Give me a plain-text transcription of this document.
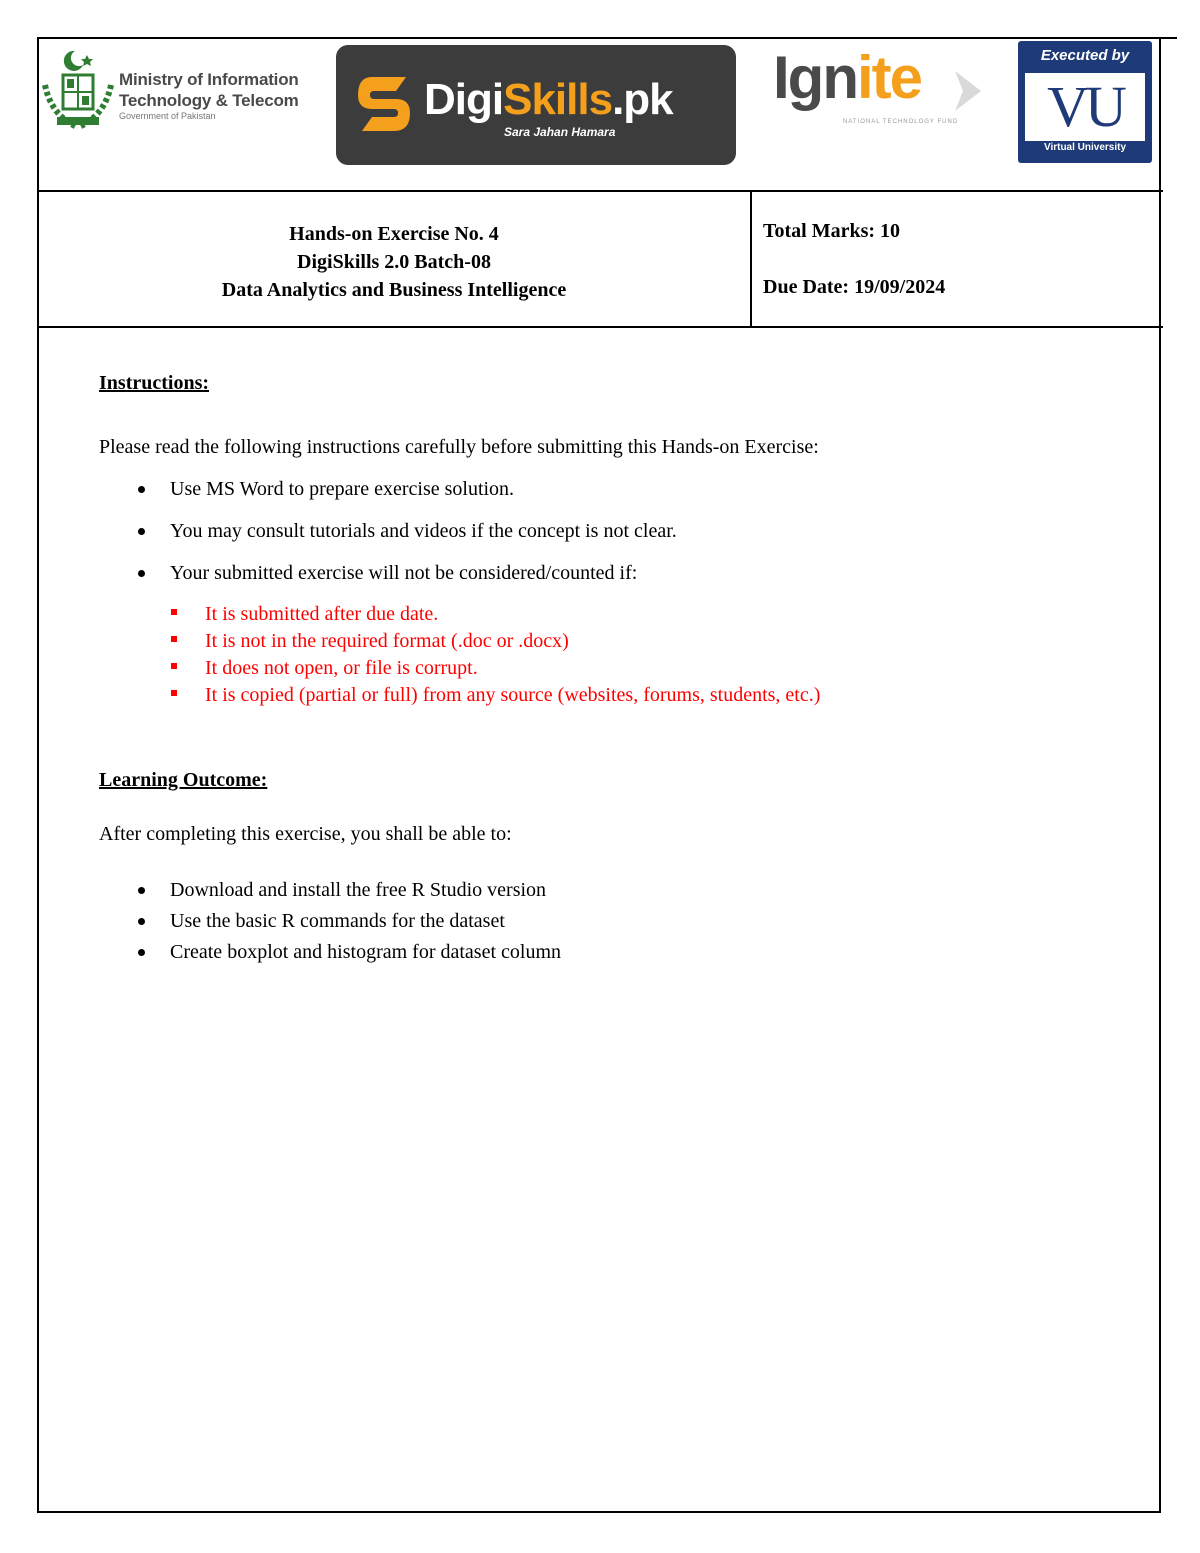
Ministry of Information
Technology & Telecom
Government of Pakistan	DigiSkills.pk
Sara Jahan Hamara
Ignite
NATIONAL TECHNOLOGY FUND
Executed by
VU
Virtual University
Hands-on Exercise No. 4
DigiSkills 2.0 Batch-08
Data Analytics and Business Intelligence
Total Marks: 10
Due Date: 19/09/2024

Instructions:

Please read the following instructions carefully before submitting this Hands-on Exercise:

Use MS Word to prepare exercise solution.
You may consult tutorials and videos if the concept is not clear.
Your submitted exercise will not be considered/counted if:
It is submitted after due date.
It is not in the required format (.doc or .docx)
It does not open, or file is corrupt.
It is copied (partial or full) from any source (websites, forums, students, etc.)

Learning Outcome:

After completing this exercise, you shall be able to:

Download and install the free R Studio version
Use the basic R commands for the dataset
Create boxplot and histogram for dataset column
